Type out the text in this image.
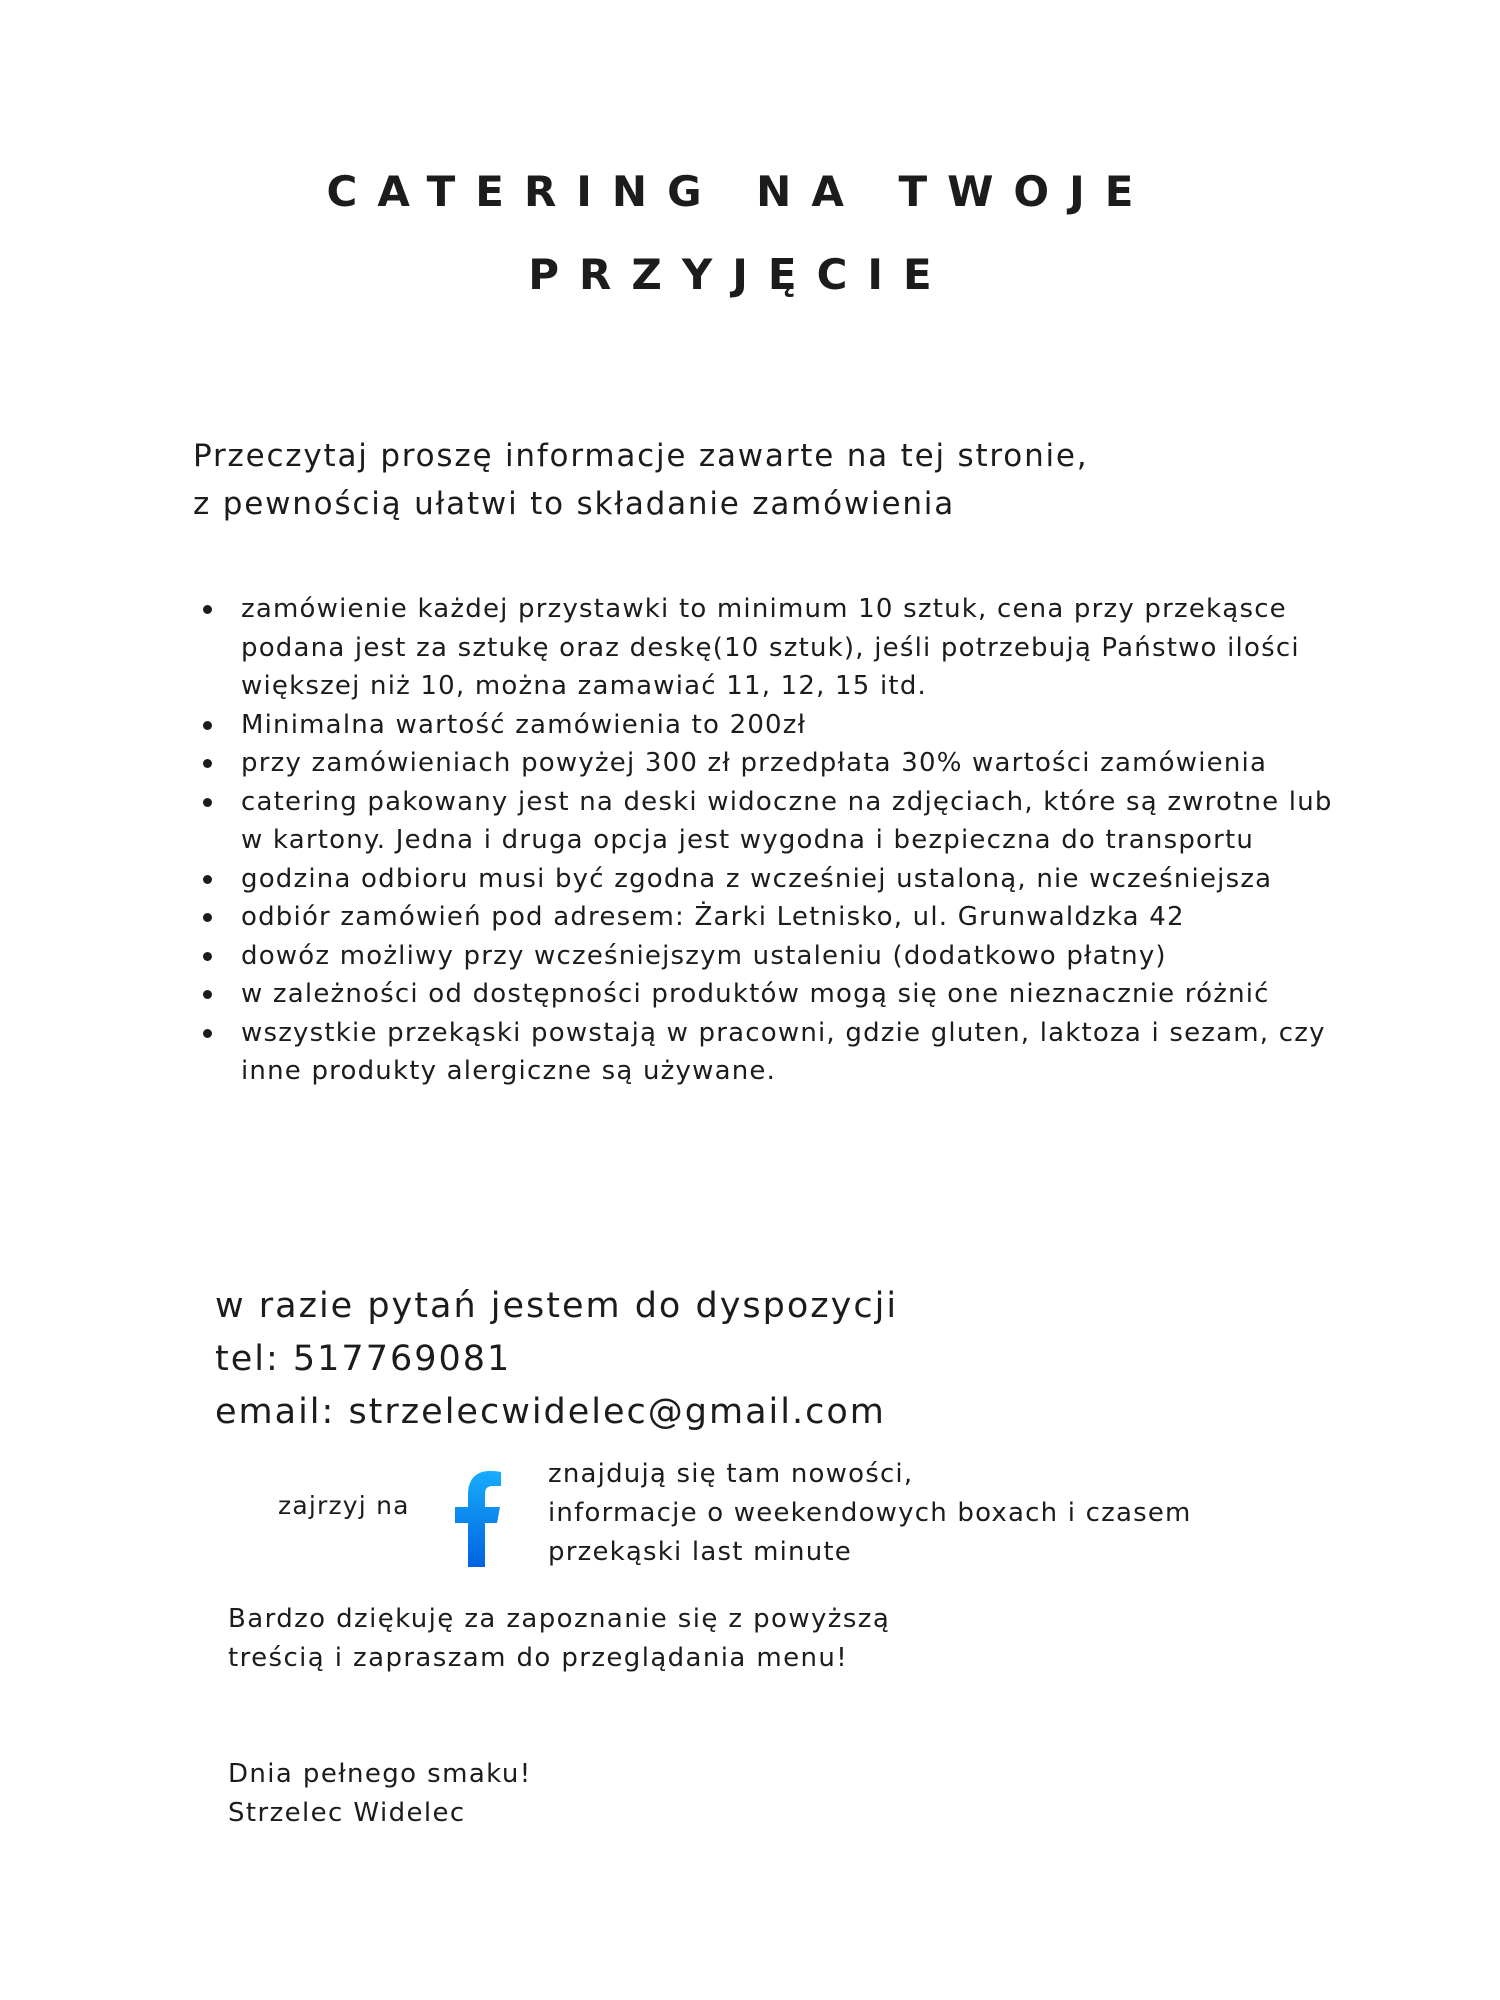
CATERING NA TWOJE
PRZYJĘCIE

Przeczytaj proszę informacje zawarte na tej stronie,
z pewnością ułatwi to składanie zamówienia

zamówienie każdej przystawki to minimum 10 sztuk, cena przy przekąsce podana jest za sztukę oraz deskę(10 sztuk), jeśli potrzebują Państwo ilości większej niż 10, można zamawiać 11, 12, 15 itd.
Minimalna wartość zamówienia to 200zł
przy zamówieniach powyżej 300 zł przedpłata 30% wartości zamówienia
catering pakowany jest na deski widoczne na zdjęciach, które są zwrotne lub w kartony. Jedna i druga opcja jest wygodna i bezpieczna do transportu
godzina odbioru musi być zgodna z wcześniej ustaloną, nie wcześniejsza
odbiór zamówień pod adresem: Żarki Letnisko, ul. Grunwaldzka 42
dowóz możliwy przy wcześniejszym ustaleniu (dodatkowo płatny)
w zależności od dostępności produktów mogą się one nieznacznie różnić
wszystkie przekąski powstają w pracowni, gdzie gluten, laktoza i sezam, czy inne produkty alergiczne są używane.
w razie pytań jestem do dyspozycji
tel: 517769081
email: strzelecwidelec@gmail.com
zajrzyj na
znajdują się tam nowości,
informacje o weekendowych boxach i czasem
przekąski last minute
Bardzo dziękuję za zapoznanie się z powyższą
treścią i zapraszam do przeglądania menu!
Dnia pełnego smaku!
Strzelec Widelec
